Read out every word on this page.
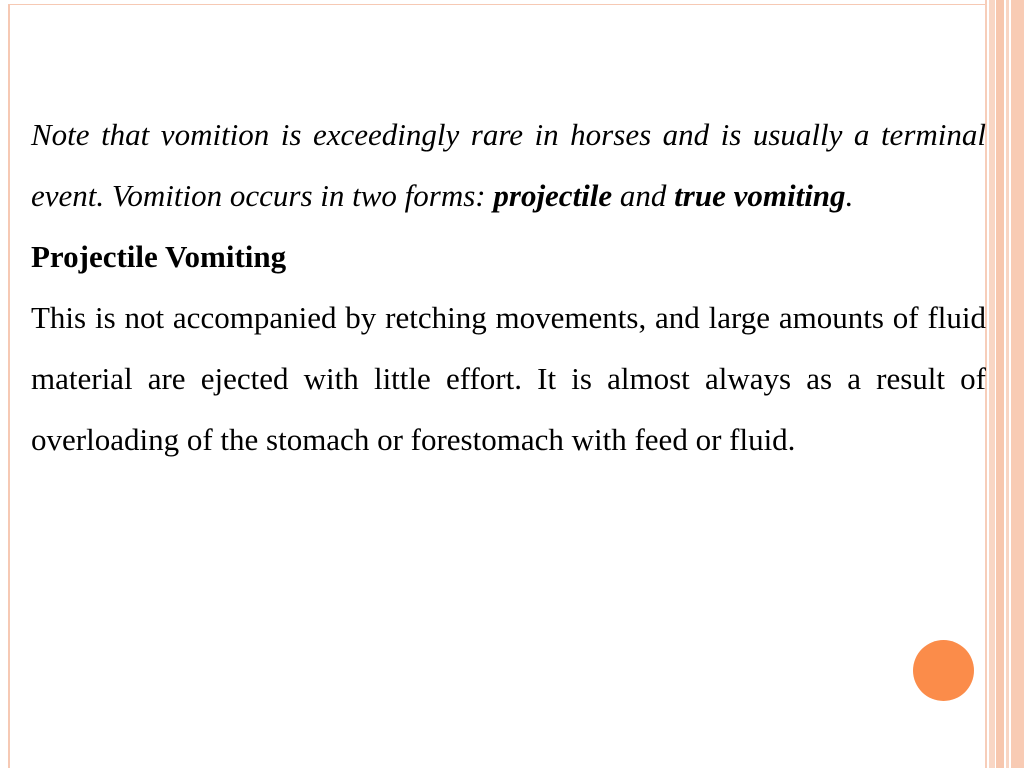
Note that vomition is exceedingly rare in horses and is usually a terminal event. Vomition occurs in two forms: projectile and true vomiting.

Projectile Vomiting

This is not accompanied by retching movements, and large amounts of fluid material are ejected with little effort. It is almost always as a result of overloading of the stomach or forestomach with feed or fluid.
